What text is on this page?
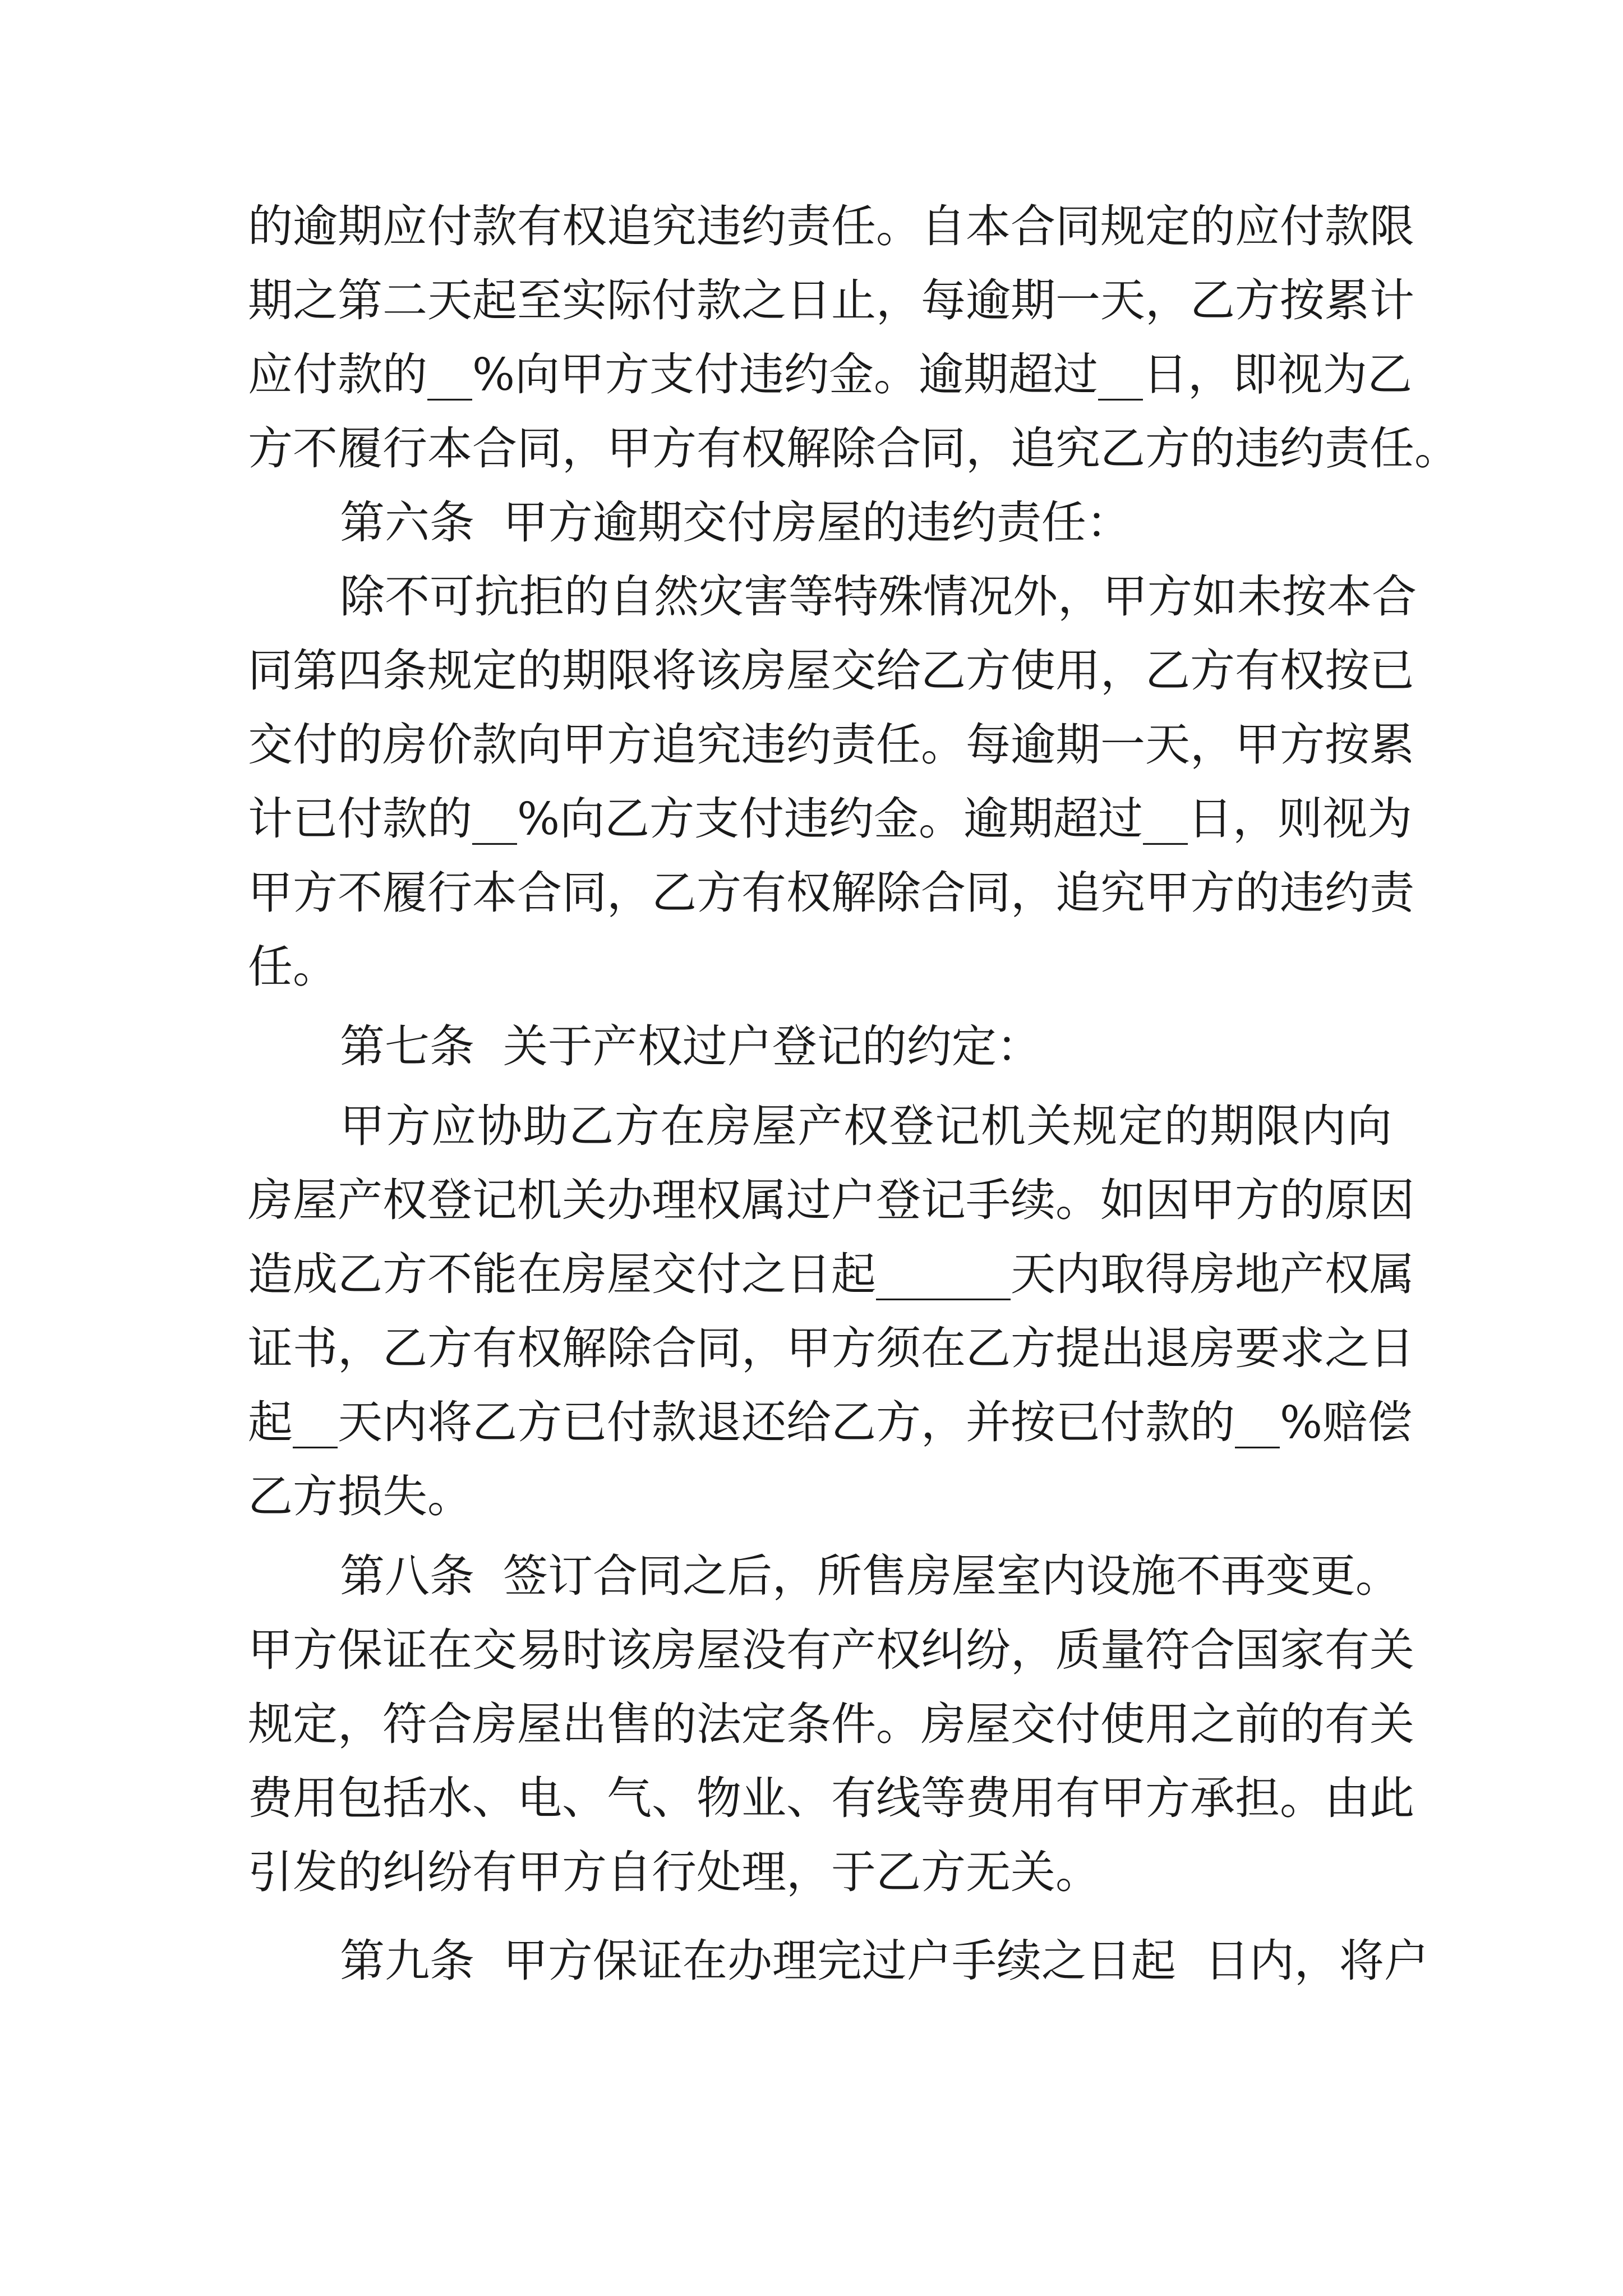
的逾期应付款有权追究违约责任。自本合同规定的应付款限
期之第二天起至实际付款之日止，每逾期一天，乙方按累计
应付款的__%向甲方支付违约金。逾期超过__日，即视为乙
方不履行本合同，甲方有权解除合同，追究乙方的违约责任。
第六条  甲方逾期交付房屋的违约责任：
除不可抗拒的自然灾害等特殊情况外，甲方如未按本合
同第四条规定的期限将该房屋交给乙方使用，乙方有权按已
交付的房价款向甲方追究违约责任。每逾期一天，甲方按累
计已付款的__%向乙方支付违约金。逾期超过__日，则视为
甲方不履行本合同，乙方有权解除合同，追究甲方的违约责
任。
第七条  关于产权过户登记的约定：
甲方应协助乙方在房屋产权登记机关规定的期限内向
房屋产权登记机关办理权属过户登记手续。如因甲方的原因
造成乙方不能在房屋交付之日起______天内取得房地产权属
证书，乙方有权解除合同，甲方须在乙方提出退房要求之日
起__天内将乙方已付款退还给乙方，并按已付款的__%赔偿
乙方损失。
第八条  签订合同之后，所售房屋室内设施不再变更。
甲方保证在交易时该房屋没有产权纠纷，质量符合国家有关
规定，符合房屋出售的法定条件。房屋交付使用之前的有关
费用包括水、电、气、物业、有线等费用有甲方承担。由此
引发的纠纷有甲方自行处理，于乙方无关。
第九条  甲方保证在办理完过户手续之日起  日内，将户
